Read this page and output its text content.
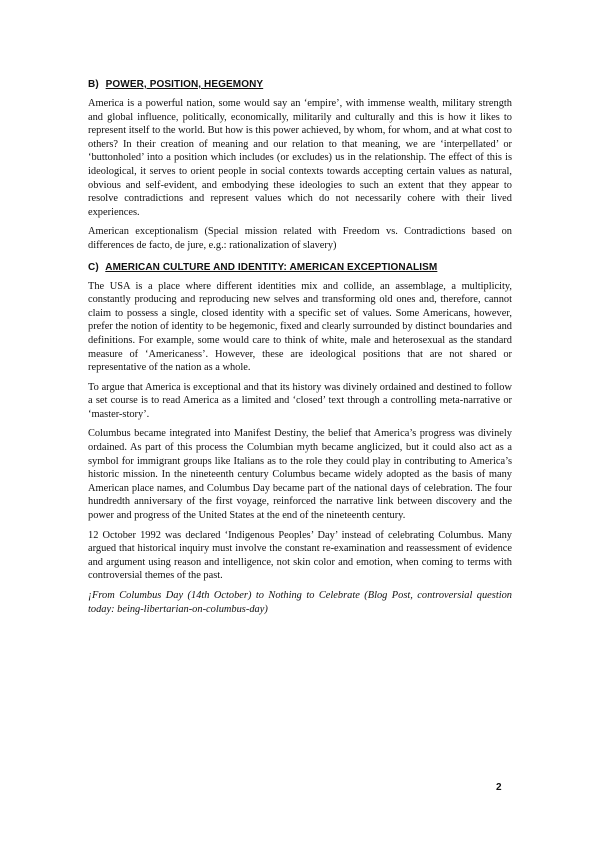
B) POWER, POSITION, HEGEMONY

America is a powerful nation, some would say an ‘empire’, with immense wealth, military strength and global influence, politically, economically, militarily and culturally and this is how it likes to represent itself to the world. But how is this power achieved, by whom, for whom, and at what cost to others? In their creation of meaning and our relation to that meaning, we are ‘interpellated’ or ‘buttonholed’ into a position which includes (or excludes) us in the relationship. The effect of this is ideological, it serves to orient people in social contexts towards accepting certain values as natural, obvious and self-evident, and embodying these ideologies to such an extent that they appear to resolve contradictions and represent values which do not necessarily cohere with their lived experiences.

American exceptionalism (Special mission related with Freedom vs. Contradictions based on differences de facto, de jure, e.g.: rationalization of slavery)

C) AMERICAN CULTURE AND IDENTITY: AMERICAN EXCEPTIONALISM

The USA is a place where different identities mix and collide, an assemblage, a multiplicity, constantly producing and reproducing new selves and transforming old ones and, therefore, cannot claim to possess a single, closed identity with a specific set of values. Some Americans, however, prefer the notion of identity to be hegemonic, fixed and clearly surrounded by distinct boundaries and definitions. For example, some would care to think of white, male and heterosexual as the standard measure of ‘Americaness’. However, these are ideological positions that are not shared or representative of the nation as a whole.

To argue that America is exceptional and that its history was divinely ordained and destined to follow a set course is to read America as a limited and ‘closed’ text through a controlling meta-narrative or ‘master-story’.

Columbus became integrated into Manifest Destiny, the belief that America’s progress was divinely ordained. As part of this process the Columbian myth became anglicized, but it could also act as a symbol for immigrant groups like Italians as to the role they could play in contributing to America’s historic mission. In the nineteenth century Columbus became widely adopted as the basis of many American place names, and Columbus Day became part of the national days of celebration. The four hundredth anniversary of the first voyage, reinforced the narrative link between discovery and the power and progress of the United States at the end of the nineteenth century.

12 October 1992 was declared ‘Indigenous Peoples’ Day’ instead of celebrating Columbus. Many argued that historical inquiry must involve the constant re-examination and reassessment of evidence and argument using reason and intelligence, not skin color and emotion, when coming to terms with controversial themes of the past.

¡From Columbus Day (14th October) to Nothing to Celebrate (Blog Post, controversial question today: being-libertarian-on-columbus-day)

2
